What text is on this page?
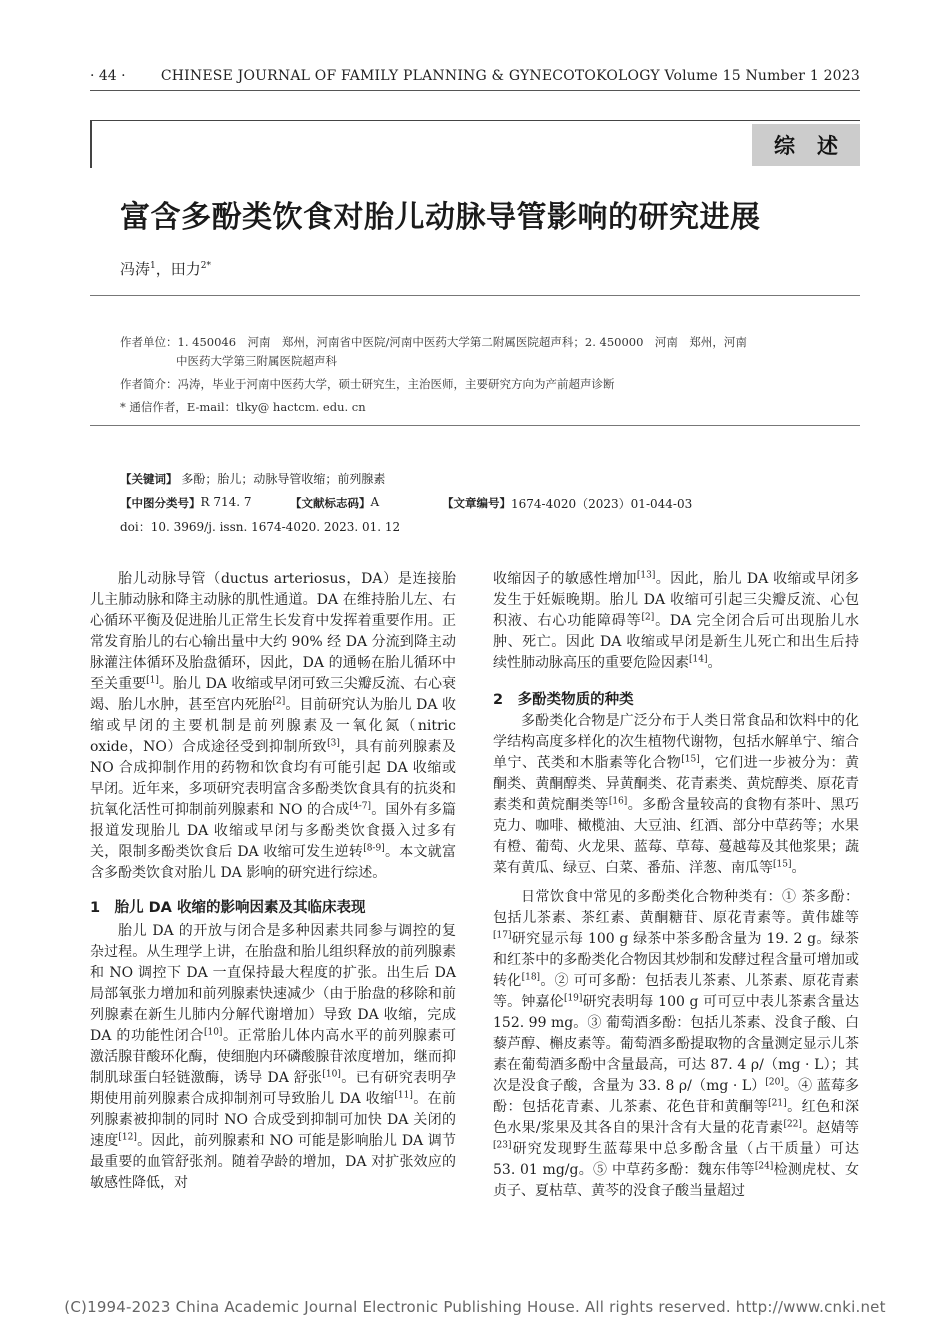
· 44 ·	CHINESE JOURNAL OF FAMILY PLANNING & GYNECOTOKOLOGY Volume 15 Number 1 2023
综述
富含多酚类饮食对胎儿动脉导管影响的研究进展
冯涛$^1$，田力$^{2*}$
作者单位：1. 450046　河南　郑州，河南省中医院/河南中医药大学第二附属医院超声科；2. 450000　河南　郑州，河南
中医药大学第三附属医院超声科
作者简介：冯涛，毕业于河南中医药大学，硕士研究生，主治医师，主要研究方向为产前超声诊断
* 通信作者，E-mail：tlky@ hactcm. edu. cn
【关键词】 多酚；胎儿；动脉导管收缩；前列腺素
【中图分类号】 R 714. 7	【文献标志码】 A	【文章编号】 1674-4020（2023）01-044-03
doi：10. 3969/j. issn. 1674-4020. 2023. 01. 12

胎儿动脉导管（ductus arteriosus，DA）是连接胎儿主肺动脉和降主动脉的肌性通道。DA 在维持胎儿左、右心循环平衡及促进胎儿正常生长发育中发挥着重要作用。正常发育胎儿的右心输出量中大约 90% 经 DA 分流到降主动脉灌注体循环及胎盘循环，因此，DA 的通畅在胎儿循环中至关重要[1]。胎儿 DA 收缩或早闭可致三尖瓣反流、右心衰竭、胎儿水肿，甚至宫内死胎[2]。目前研究认为胎儿 DA 收缩或早闭的主要机制是前列腺素及一氧化氮（nitric oxide，NO）合成途径受到抑制所致[3]，具有前列腺素及 NO 合成抑制作用的药物和饮食均有可能引起 DA 收缩或早闭。近年来，多项研究表明富含多酚类饮食具有的抗炎和抗氧化活性可抑制前列腺素和 NO 的合成[4-7]。国外有多篇报道发现胎儿 DA 收缩或早闭与多酚类饮食摄入过多有关，限制多酚类饮食后 DA 收缩可发生逆转[8-9]。本文就富含多酚类饮食对胎儿 DA 影响的研究进行综述。

1　胎儿 DA 收缩的影响因素及其临床表现

胎儿 DA 的开放与闭合是多种因素共同参与调控的复杂过程。从生理学上讲，在胎盘和胎儿组织释放的前列腺素和 NO 调控下 DA 一直保持最大程度的扩张。出生后 DA 局部氧张力增加和前列腺素快速减少（由于胎盘的移除和前列腺素在新生儿肺内分解代谢增加）导致 DA 收缩，完成 DA 的功能性闭合[10]。正常胎儿体内高水平的前列腺素可激活腺苷酸环化酶，使细胞内环磷酸腺苷浓度增加，继而抑制肌球蛋白轻链激酶，诱导 DA 舒张[10]。已有研究表明孕期使用前列腺素合成抑制剂可导致胎儿 DA 收缩[11]。在前列腺素被抑制的同时 NO 合成受到抑制可加快 DA 关闭的速度[12]。因此，前列腺素和 NO 可能是影响胎儿 DA 调节最重要的血管舒张剂。随着孕龄的增加，DA 对扩张效应的敏感性降低，对

收缩因子的敏感性增加[13]。因此，胎儿 DA 收缩或早闭多发生于妊娠晚期。胎儿 DA 收缩可引起三尖瓣反流、心包积液、右心功能障碍等[2]。DA 完全闭合后可出现胎儿水肿、死亡。因此 DA 收缩或早闭是新生儿死亡和出生后持续性肺动脉高压的重要危险因素[14]。

2　多酚类物质的种类

多酚类化合物是广泛分布于人类日常食品和饮料中的化学结构高度多样化的次生植物代谢物，包括水解单宁、缩合单宁、芪类和木脂素等化合物[15]，它们进一步被分为：黄酮类、黄酮醇类、异黄酮类、花青素类、黄烷醇类、原花青素类和黄烷酮类等[16]。多酚含量较高的食物有茶叶、黑巧克力、咖啡、橄榄油、大豆油、红酒、部分中草药等；水果有橙、葡萄、火龙果、蓝莓、草莓、蔓越莓及其他浆果；蔬菜有黄瓜、绿豆、白菜、番茄、洋葱、南瓜等[15]。

日常饮食中常见的多酚类化合物种类有：① 茶多酚：包括儿茶素、茶红素、黄酮糖苷、原花青素等。黄伟雄等[17]研究显示每 100 g 绿茶中茶多酚含量为 19. 2 g。绿茶和红茶中的多酚类化合物因其炒制和发酵过程含量可增加或转化[18]。② 可可多酚：包括表儿茶素、儿茶素、原花青素等。钟嘉伦[19]研究表明每 100 g 可可豆中表儿茶素含量达 152. 99 mg。③ 葡萄酒多酚：包括儿茶素、没食子酸、白藜芦醇、槲皮素等。葡萄酒多酚提取物的含量测定显示儿茶素在葡萄酒多酚中含量最高，可达 87. 4 ρ/（mg · L）；其次是没食子酸，含量为 33. 8 ρ/（mg · L）[20]。④ 蓝莓多酚：包括花青素、儿茶素、花色苷和黄酮等[21]。红色和深色水果/浆果及其各自的果汁含有大量的花青素[22]。赵婧等[23]研究发现野生蓝莓果中总多酚含量（占干质量）可达 53. 01 mg/g。⑤ 中草药多酚：魏东伟等[24]检测虎杖、女贞子、夏枯草、黄芩的没食子酸当量超过

(C)1994-2023 China Academic Journal Electronic Publishing House. All rights reserved. http://www.cnki.net
